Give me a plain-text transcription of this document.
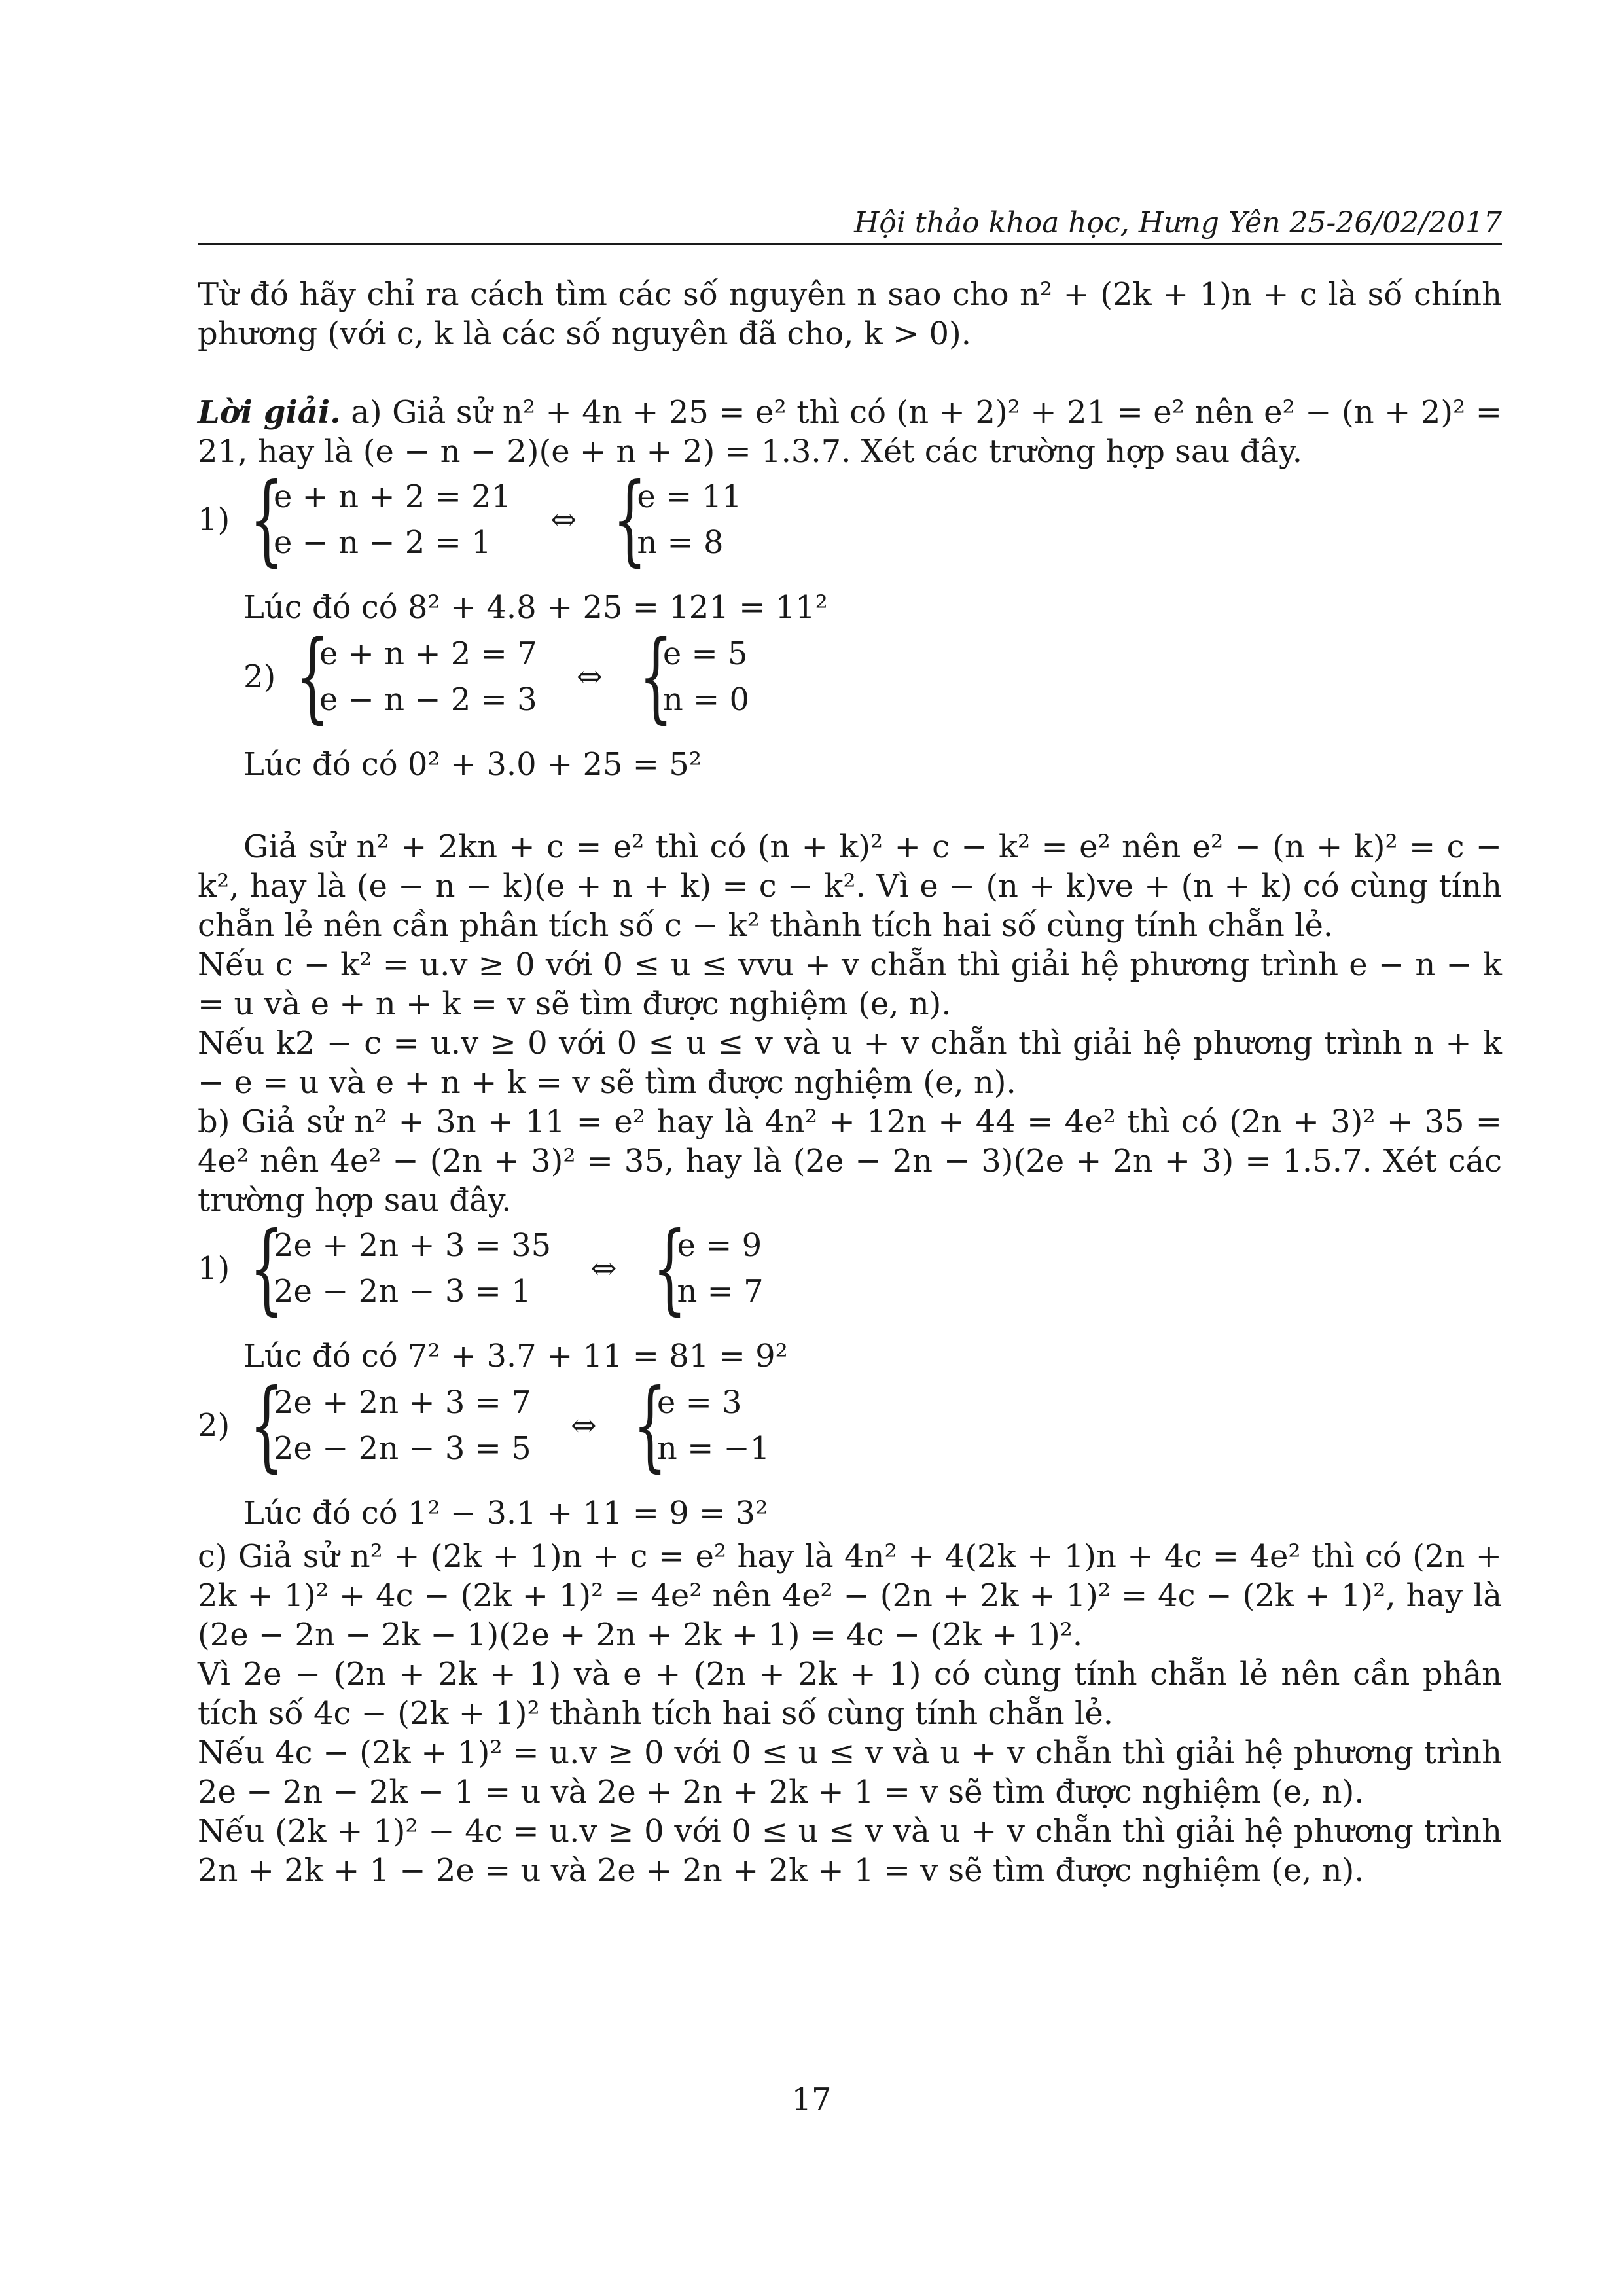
Hội thảo khoa học, Hưng Yên 25-26/02/2017

Từ đó hãy chỉ ra cách tìm các số nguyên n sao cho n² + (2k + 1)n + c là số chính phương (với c, k là các số nguyên đã cho, k > 0).

Lời giải. a) Giả sử n² + 4n + 25 = e² thì có (n + 2)² + 21 = e² nên e² − (n + 2)² = 21, hay là (e − n − 2)(e + n + 2) = 1.3.7. Xét các trường hợp sau đây.

1) {
e + n + 2 = 21
e − n − 2 = 1
⇔ {
e = 11
n = 8

Lúc đó có 8² + 4.8 + 25 = 121 = 11²

2) {
e + n + 2 = 7
e − n − 2 = 3
⇔ {
e = 5
n = 0

Lúc đó có 0² + 3.0 + 25 = 5²

Giả sử n² + 2kn + c = e² thì có (n + k)² + c − k² = e² nên e² − (n + k)² = c − k², hay là (e − n − k)(e + n + k) = c − k². Vì e − (n + k)ve + (n + k) có cùng tính chẵn lẻ nên cần phân tích số c − k² thành tích hai số cùng tính chẵn lẻ.

Nếu c − k² = u.v ≥ 0 với 0 ≤ u ≤ vvu + v chẵn thì giải hệ phương trình e − n − k = u và e + n + k = v sẽ tìm được nghiệm (e, n).

Nếu k2 − c = u.v ≥ 0 với 0 ≤ u ≤ v và u + v chẵn thì giải hệ phương trình n + k − e = u và e + n + k = v sẽ tìm được nghiệm (e, n).

b) Giả sử n² + 3n + 11 = e² hay là 4n² + 12n + 44 = 4e² thì có (2n + 3)² + 35 = 4e² nên 4e² − (2n + 3)² = 35, hay là (2e − 2n − 3)(2e + 2n + 3) = 1.5.7. Xét các trường hợp sau đây.

1) {
2e + 2n + 3 = 35
2e − 2n − 3 = 1
⇔ {
e = 9
n = 7

Lúc đó có 7² + 3.7 + 11 = 81 = 9²

2) {
2e + 2n + 3 = 7
2e − 2n − 3 = 5
⇔ {
e = 3
n = −1

Lúc đó có 1² − 3.1 + 11 = 9 = 3²

c) Giả sử n² + (2k + 1)n + c = e² hay là 4n² + 4(2k + 1)n + 4c = 4e² thì có (2n + 2k + 1)² + 4c − (2k + 1)² = 4e² nên 4e² − (2n + 2k + 1)² = 4c − (2k + 1)², hay là (2e − 2n − 2k − 1)(2e + 2n + 2k + 1) = 4c − (2k + 1)².

Vì 2e − (2n + 2k + 1) và e + (2n + 2k + 1) có cùng tính chẵn lẻ nên cần phân tích số 4c − (2k + 1)² thành tích hai số cùng tính chẵn lẻ.

Nếu 4c − (2k + 1)² = u.v ≥ 0 với 0 ≤ u ≤ v và u + v chẵn thì giải hệ phương trình 2e − 2n − 2k − 1 = u và 2e + 2n + 2k + 1 = v sẽ tìm được nghiệm (e, n).

Nếu (2k + 1)² − 4c = u.v ≥ 0 với 0 ≤ u ≤ v và u + v chẵn thì giải hệ phương trình 2n + 2k + 1 − 2e = u và 2e + 2n + 2k + 1 = v sẽ tìm được nghiệm (e, n).

17
